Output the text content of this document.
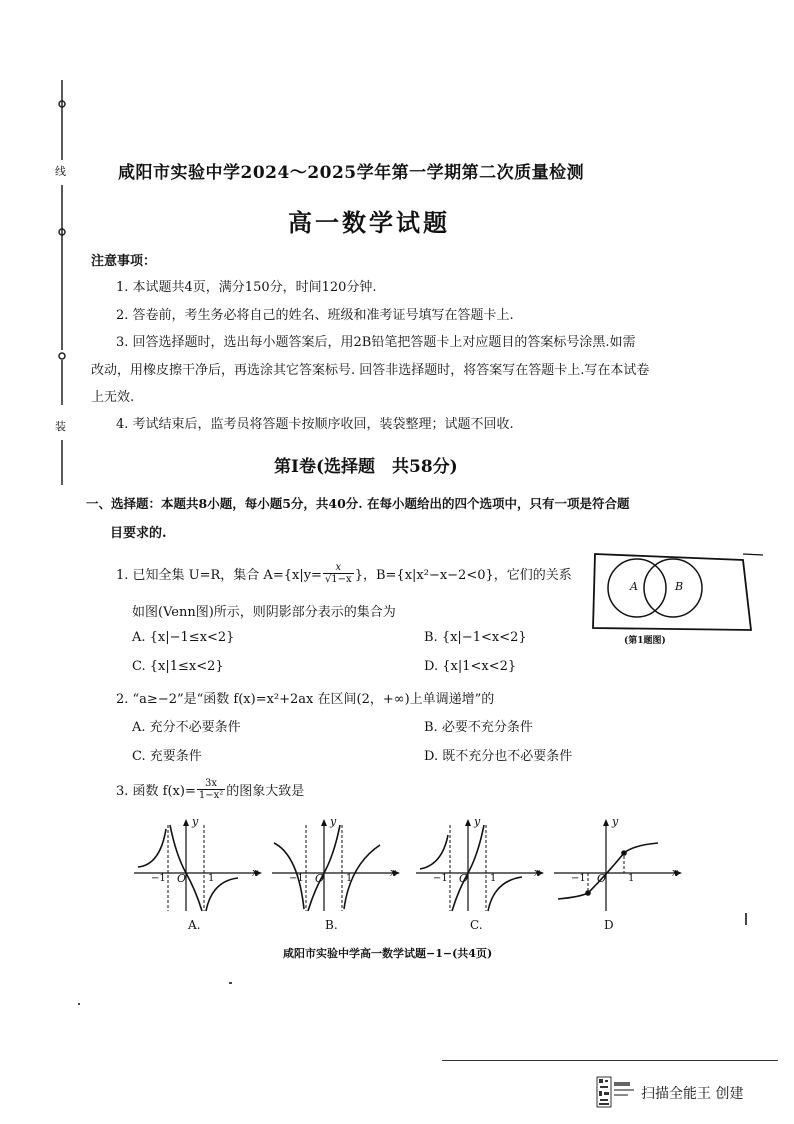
线
装
咸阳市实验中学2024～2025学年第一学期第二次质量检测
高一数学试题
注意事项：
1. 本试题共4页，满分150分，时间120分钟.
2. 答卷前，考生务必将自己的姓名、班级和准考证号填写在答题卡上.
3. 回答选择题时，选出每小题答案后，用2B铅笔把答题卡上对应题目的答案标号涂黑.如需
改动，用橡皮擦干净后，再选涂其它答案标号. 回答非选择题时，将答案写在答题卡上.写在本试卷
上无效.
4. 考试结束后，监考员将答题卡按顺序收回，装袋整理；试题不回收.
第Ⅰ卷(选择题　共58分)
一、选择题：本题共8小题，每小题5分，共40分. 在每小题给出的四个选项中，只有一项是符合题
目要求的.
1. 已知全集 U=R，集合 $A=\{x|y= \frac{x}{√1-x}$ }，B={x|x²−x−2<0}，它们的关系
如图(Venn图)所示，则阴影部分表示的集合为
A. {x|−1≤x<2}	B. {x|−1<x<2}
C. {x|1≤x<2}	D. {x|1<x<2}
A	B
(第1题图)
2. “a≥−2”是“函数 f(x)=x²+2ax 在区间(2，+∞)上单调递增”的
A. 充分不必要条件	B. 必要不充分条件
C. 充要条件	D. 既不充分也不必要条件
3. 函数 $f(x)= \frac{3x}{\text{1−x²}}$ 的图象大致是
y
x
O
−1	1
A.
y
x
O
−1	1
B.
y
x
O
−1	1
C.
y
x
O
−1	1
D
咸阳市实验中学高一数学试题−1−(共4页)
扫描全能王 创建
